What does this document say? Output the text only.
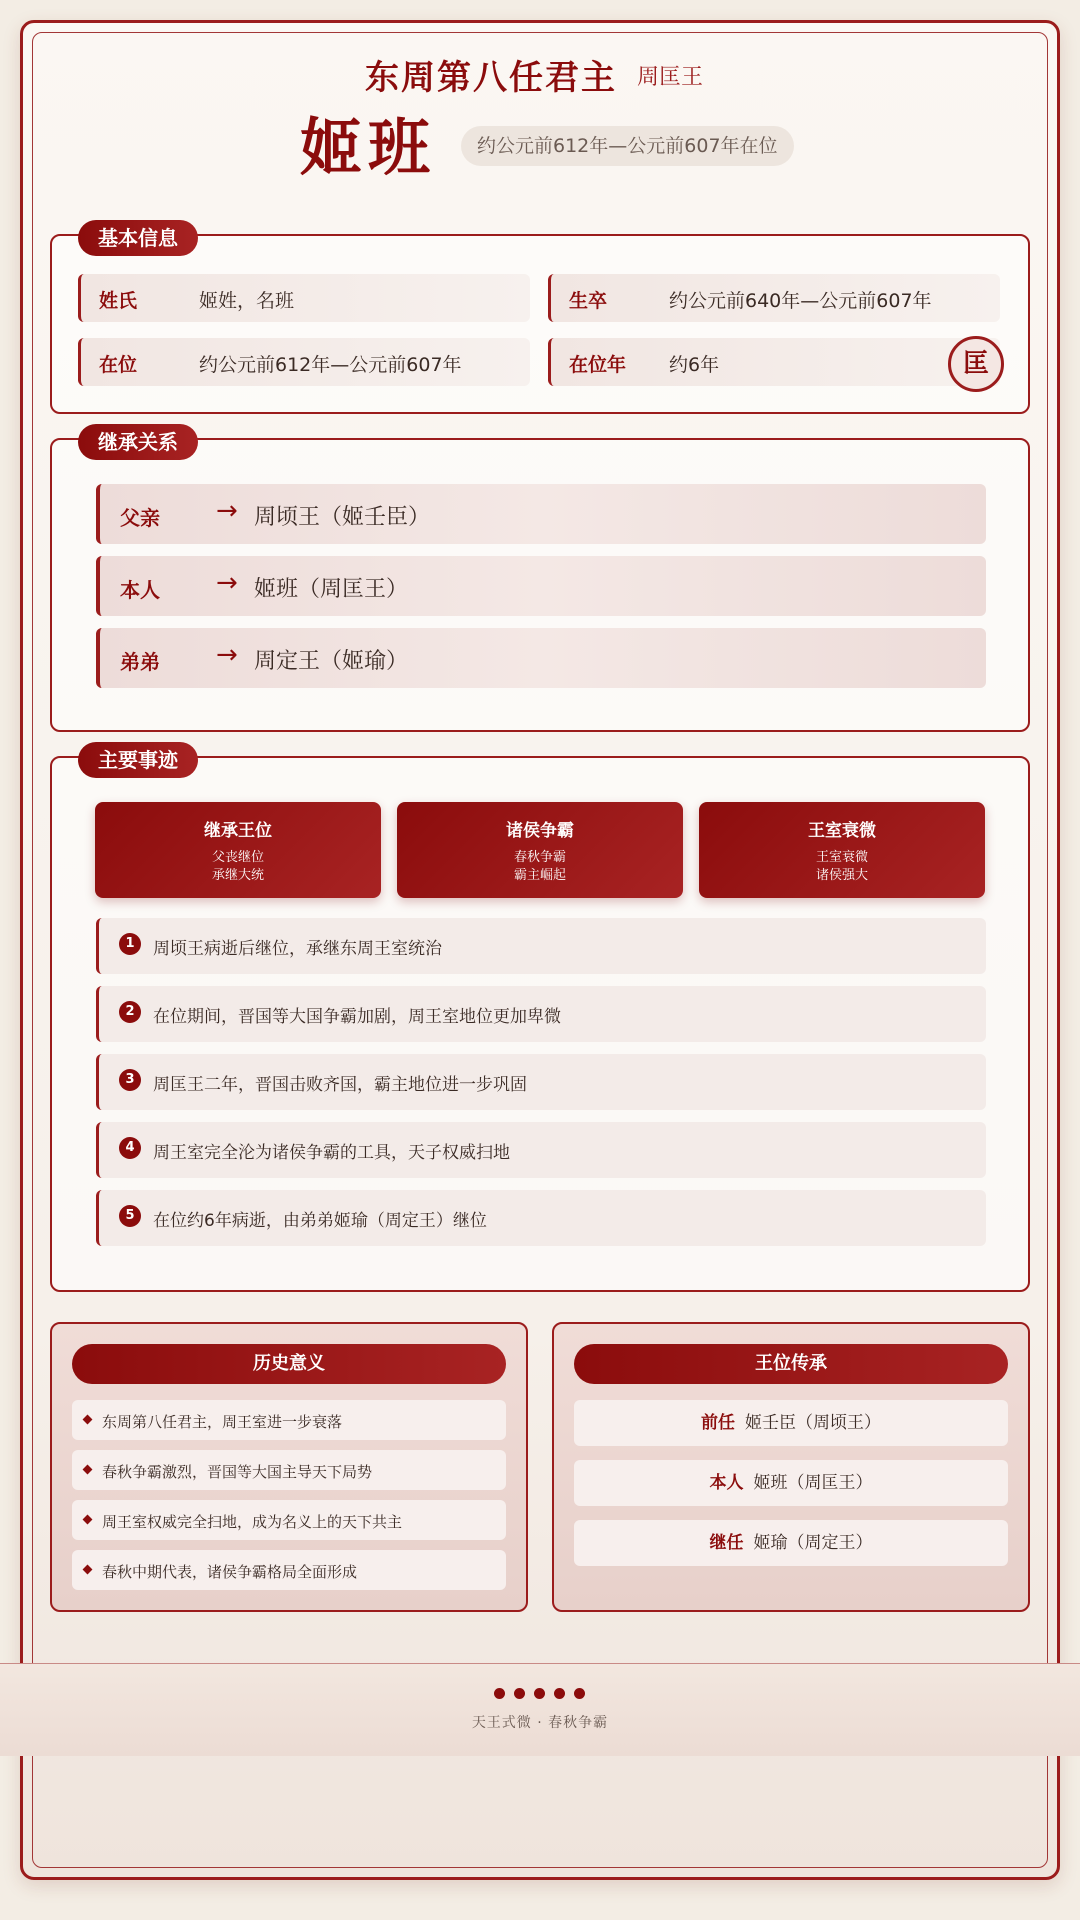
东周第八任君主 周匡王
姬班	约公元前612年—公元前607年在位
基本信息
姓氏	姬姓，名班	生卒	约公元前640年—公元前607年
在位	约公元前612年—公元前607年	在位年 约6年	匡
继承关系
父亲 → 周顷王（姬壬臣）
本人 → 姬班（周匡王）
弟弟 → 周定王（姬瑜）
主要事迹
1	周顷王病逝后继位，承继东周王室统治
2	在位期间，晋国等大国争霸加剧，周王室地位更加卑微
3	周匡王二年，晋国击败齐国，霸主地位进一步巩固
4	周王室完全沦为诸侯争霸的工具，天子权威扫地
5	在位约6年病逝，由弟弟姬瑜（周定王）继位
继承王位
父丧继位
承继大统
诸侯争霸
春秋争霸
霸主崛起
王室衰微
王室衰微
诸侯强大
历史意义
东周第八任君主，周王室进一步衰落
春秋争霸激烈，晋国等大国主导天下局势
周王室权威完全扫地，成为名义上的天下共主
春秋中期代表，诸侯争霸格局全面形成
王位传承
前任 姬壬臣（周顷王）
本人 姬班（周匡王）
继任 姬瑜（周定王）
天王式微 · 春秋争霸
